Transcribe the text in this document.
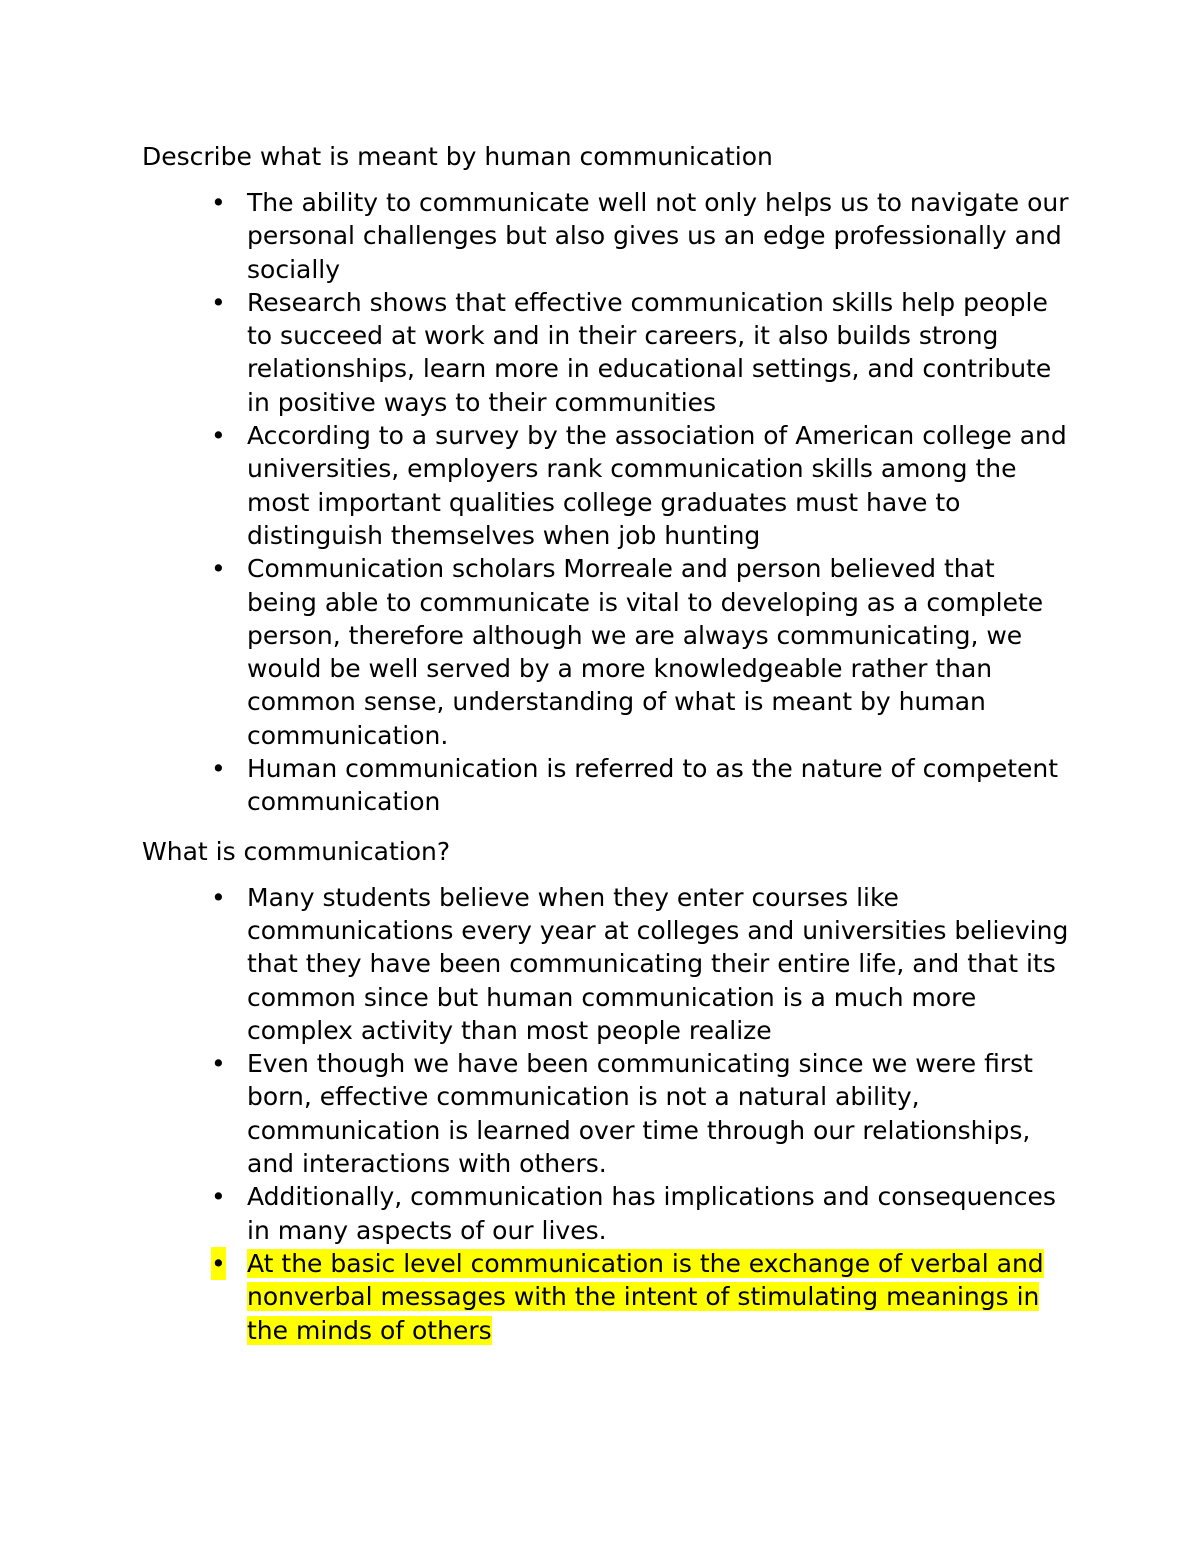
Describe what is meant by human communication
• The ability to communicate well not only helps us to navigate our personal challenges but also gives us an edge professionally and socially
• Research shows that effective communication skills help people to succeed at work and in their careers, it also builds strong relationships, learn more in educational settings, and contribute in positive ways to their communities
• According to a survey by the association of American college and universities, employers rank communication skills among the most important qualities college graduates must have to distinguish themselves when job hunting
• Communication scholars Morreale and person believed that being able to communicate is vital to developing as a complete person, therefore although we are always communicating, we would be well served by a more knowledgeable rather than common sense, understanding of what is meant by human communication.
• Human communication is referred to as the nature of competent communication
What is communication?
• Many students believe when they enter courses like communications every year at colleges and universities believing that they have been communicating their entire life, and that its common since but human communication is a much more complex activity than most people realize
• Even though we have been communicating since we were first born, effective communication is not a natural ability, communication is learned over time through our relationships, and interactions with others.
• Additionally, communication has implications and consequences in many aspects of our lives.
• At the basic level communication is the exchange of verbal and nonverbal messages with the intent of stimulating meanings in the minds of others
